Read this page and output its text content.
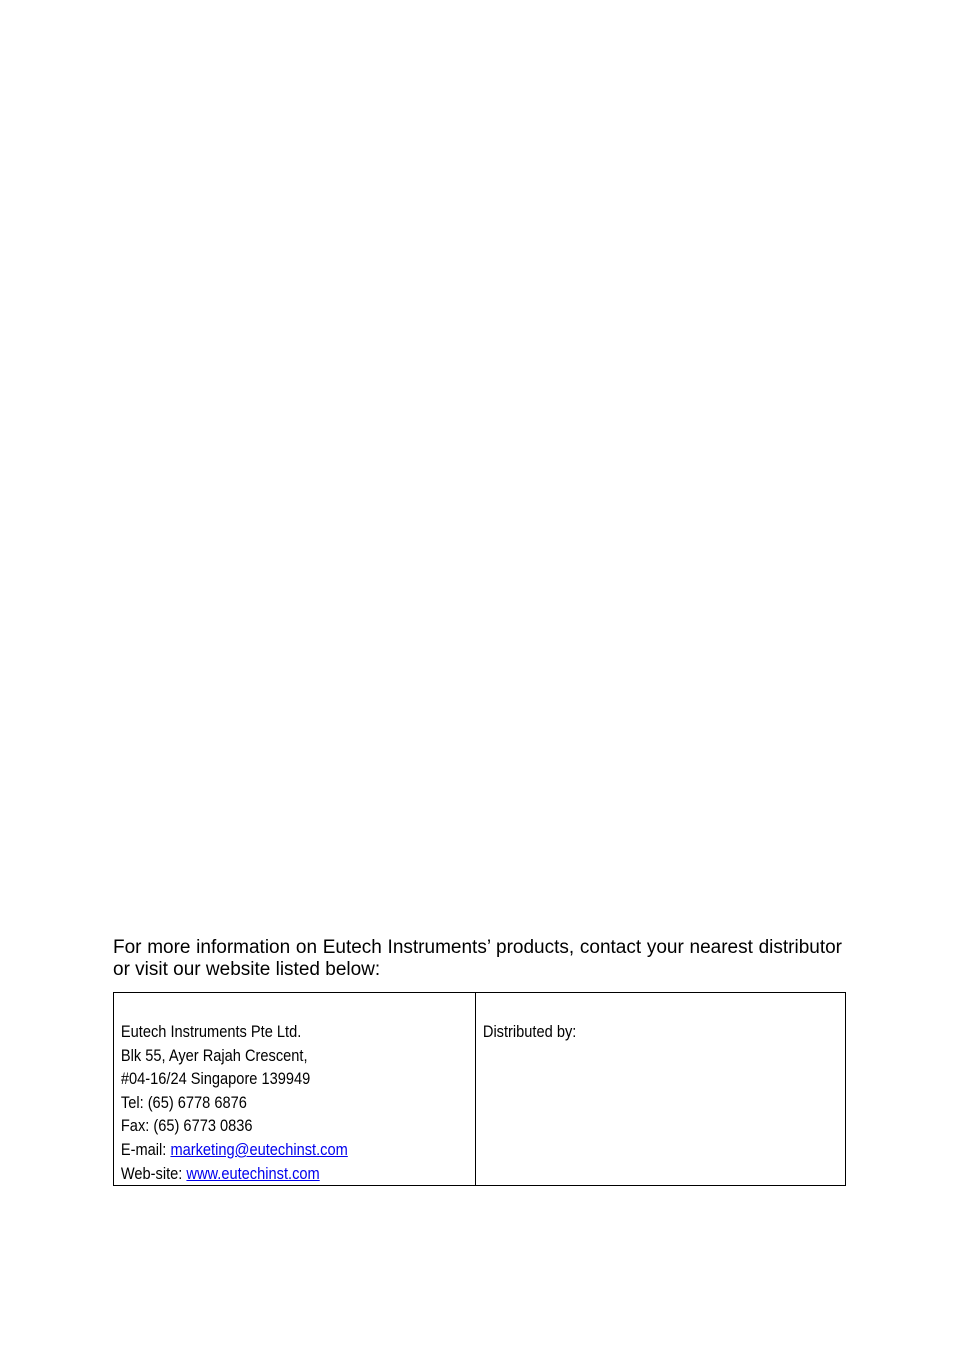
For more information on Eutech Instruments’ products, contact your nearest distributor or visit our website listed below:

Eutech Instruments Pte Ltd.
Blk 55, Ayer Rajah Crescent,
#04-16/24 Singapore 139949
Tel: (65) 6778 6876
Fax: (65) 6773 0836
E-mail: marketing@eutechinst.com
Web-site: www.eutechinst.com

Distributed by:
